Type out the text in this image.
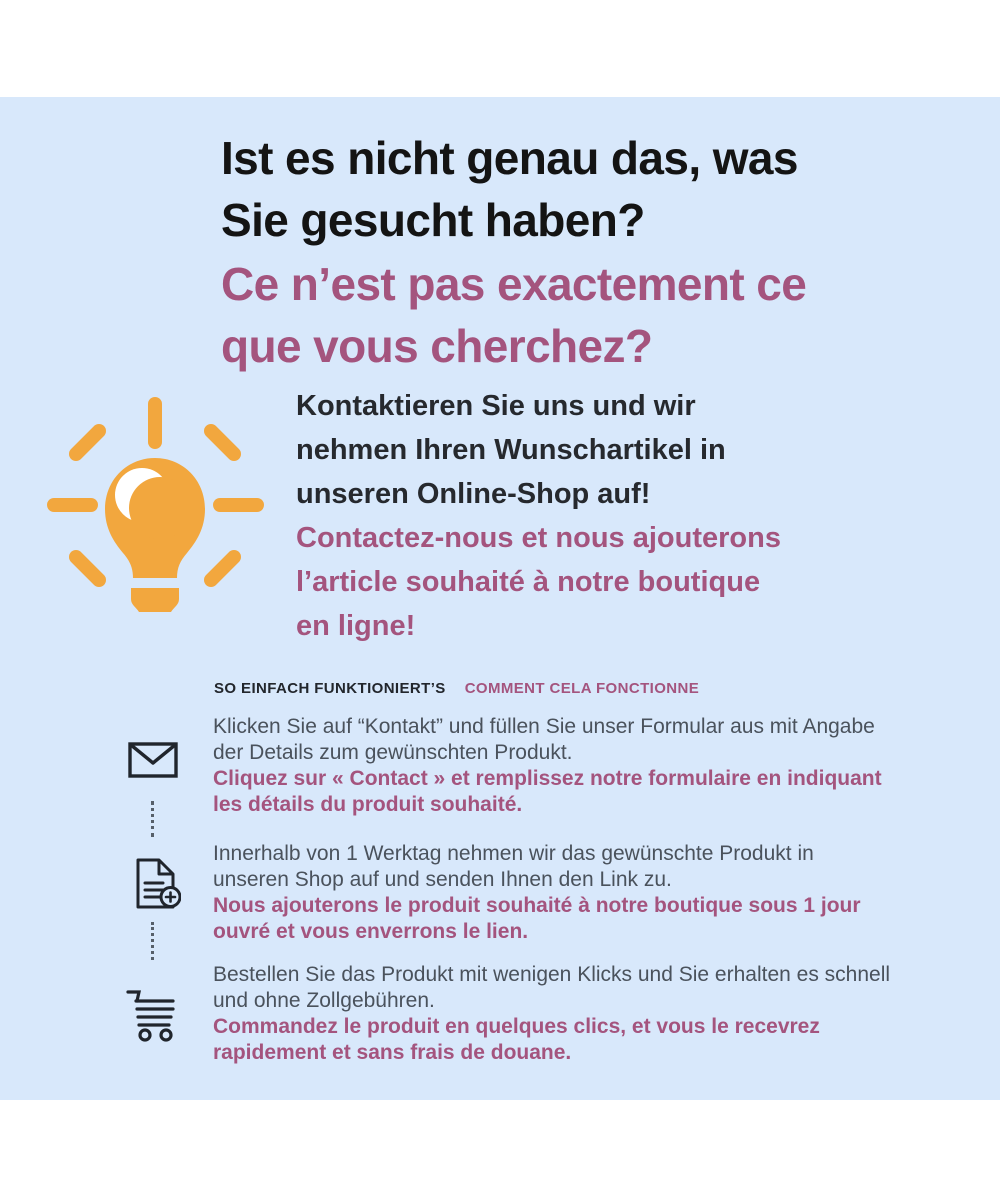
Ist es nicht genau das, was
Sie gesucht haben?
Ce n’est pas exactement ce
que vous cherchez?
Kontaktieren Sie uns und wir
nehmen Ihren Wunschartikel in
unseren Online-Shop auf!
Contactez-nous et nous ajouterons
l’article souhaité à notre boutique
en ligne!
SO EINFACH FUNKTIONIERT’S COMMENT CELA FONCTIONNE
Klicken Sie auf “Kontakt” und füllen Sie unser Formular aus mit Angabe
der Details zum gewünschten Produkt.
Cliquez sur « Contact » et remplissez notre formulaire en indiquant
les détails du produit souhaité.
Innerhalb von 1 Werktag nehmen wir das gewünschte Produkt in
unseren Shop auf und senden Ihnen den Link zu.
Nous ajouterons le produit souhaité à notre boutique sous 1 jour
ouvré et vous enverrons le lien.
Bestellen Sie das Produkt mit wenigen Klicks und Sie erhalten es schnell
und ohne Zollgebühren.
Commandez le produit en quelques clics, et vous le recevrez
rapidement et sans frais de douane.
